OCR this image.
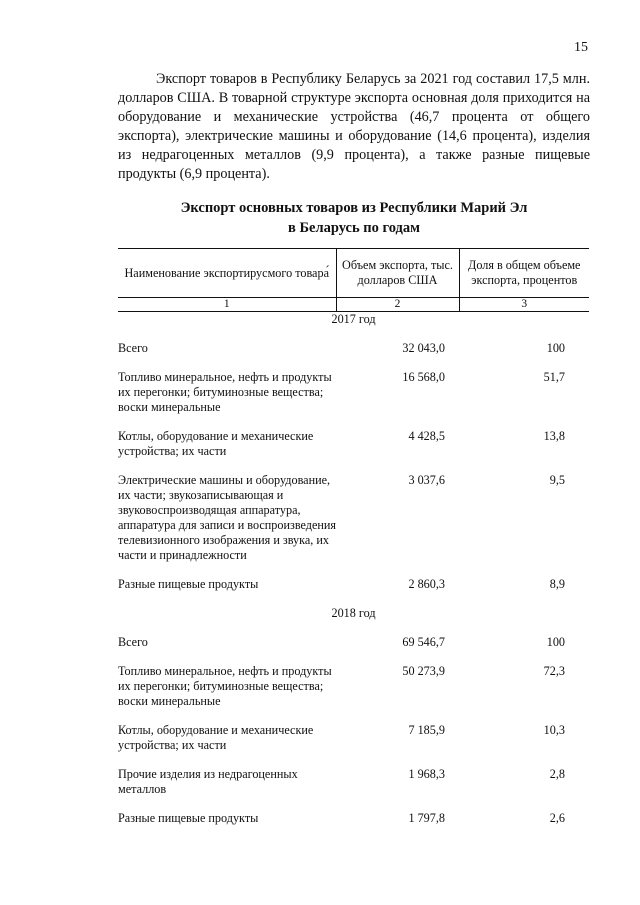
15

Экспорт товаров в Республику Беларусь за 2021 год составил 17,5 млн. долларов США. В товарной структуре экспорта основная доля приходится на оборудование и механические устройства (46,7 процента от общего экспорта), электрические машины и оборудование (14,6 процента), изделия из недрагоценных металлов (9,9 процента), а также разные пищевые продукты (6,9 процента).

Экспорт основных товаров из Республики Марий Эл
в Беларусь по годам
Наименование экспортирусмого товара́	Объем экспорта, тыс. долларов США	Доля в общем объеме экспорта, процентов
1	2	3
2017 год		
Всего	32 043,0	100
Топливо минеральное, нефть и продукты их перегонки; битуминозные вещества; воски минеральные	16 568,0	51,7
Котлы, оборудование и механические устройства; их части	4 428,5	13,8
Электрические машины и оборудование, их части; звукозаписывающая и звуковоспроизводящая аппаратура, аппаратура для записи и воспроизведения телевизионного изображения и звука, их части и принадлежности	3 037,6	9,5
Разные пищевые продукты	2 860,3	8,9
2018 год		
Всего	69 546,7	100
Топливо минеральное, нефть и продукты их перегонки; битуминозные вещества; воски минеральные	50 273,9	72,3
Котлы, оборудование и механические устройства; их части	7 185,9	10,3
Прочие изделия из недрагоценных металлов	1 968,3	2,8
Разные пищевые продукты	1 797,8	2,6
